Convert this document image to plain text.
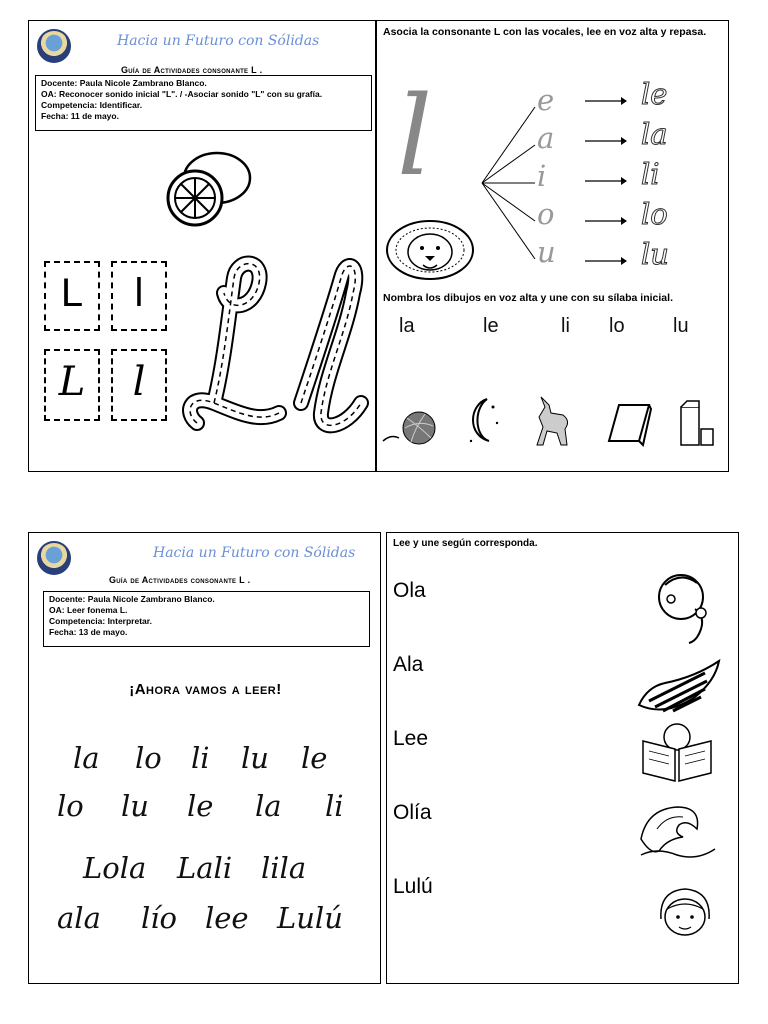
Hacia un Futuro con Sólidas
Guía de Actividades consonante L .
Docente: Paula Nicole Zambrano Blanco.
OA: Reconocer sonido inicial "L". / -Asociar sonido "L" con su grafía.
Competencia: Identificar.
Fecha: 11 de mayo.
L	l
L	l
Asocia la consonante L con las vocales, lee en voz alta y repasa.
l	e
a
i
o
u
le
la
li
lo
lu
Nombra los dibujos en voz alta y une con su sílaba inicial.
la	le	li lo lu
Hacia un Futuro con Sólidas
Guía de Actividades consonante L .
Docente: Paula Nicole Zambrano Blanco.
OA: Leer fonema L.
Competencia: Interpretar.
Fecha: 13 de mayo.
¡Ahora vamos a leer!
la lo li lu le
lo lu le la li
Lola Lali lila
ala lío lee Lulú
Lee y une según corresponda.
Ola
Ala
Lee
Olía
Lulú
